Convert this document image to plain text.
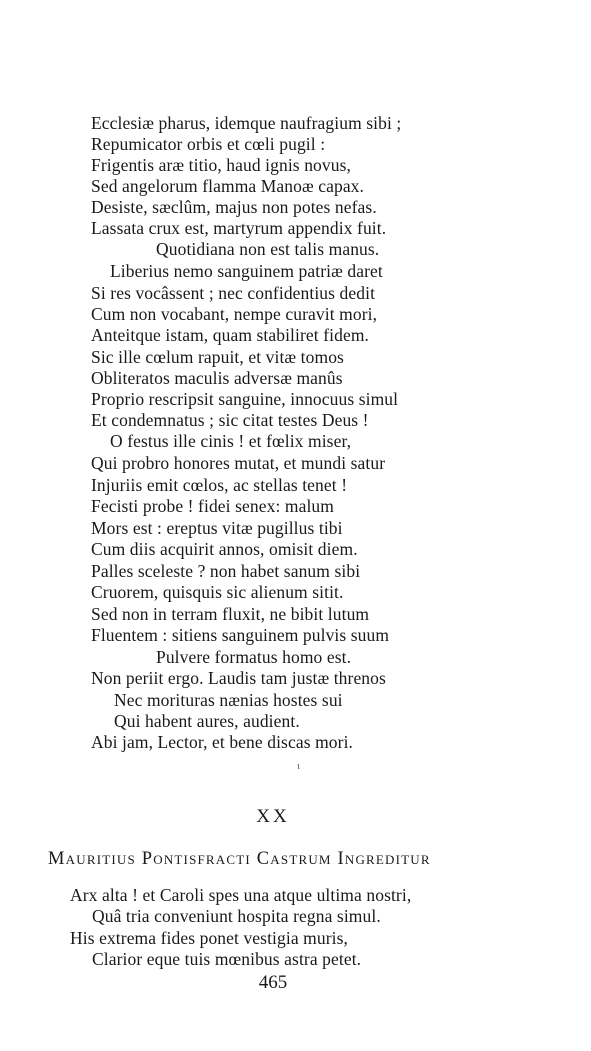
Ecclesiæ pharus, idemque naufragium sibi ;
Repumicator orbis et cœli pugil :
Frigentis aræ titio, haud ignis novus,
Sed angelorum flamma Manoæ capax.
Desiste, sæclûm, majus non potes nefas.
Lassata crux est, martyrum appendix fuit.
Quotidiana non est talis manus.
Liberius nemo sanguinem patriæ daret
Si res vocâssent ; nec confidentius dedit
Cum non vocabant, nempe curavit mori,
Anteitque istam, quam stabiliret fidem.
Sic ille cœlum rapuit, et vitæ tomos
Obliteratos maculis adversæ manûs
Proprio rescripsit sanguine, innocuus simul
Et condemnatus ; sic citat testes Deus !
O festus ille cinis ! et fœlix miser,
Qui probro honores mutat, et mundi satur
Injuriis emit cœlos, ac stellas tenet !
Fecisti probe ! fidei senex: malum
Mors est : ereptus vitæ pugillus tibi
Cum diis acquirit annos, omisit diem.
Palles sceleste ? non habet sanum sibi
Cruorem, quisquis sic alienum sitit.
Sed non in terram fluxit, ne bibit lutum
Fluentem : sitiens sanguinem pulvis suum
Pulvere formatus homo est.
Non periit ergo. Laudis tam justæ threnos
Nec morituras nænias hostes sui
Qui habent aures, audient.
Abi jam, Lector, et bene discas mori.
ι
XX
Mauritius Pontisfracti Castrum Ingreditur
Arx alta ! et Caroli spes una atque ultima nostri,
Quâ tria conveniunt hospita regna simul.
His extrema fides ponet vestigia muris,
Clarior eque tuis mœnibus astra petet.
465
